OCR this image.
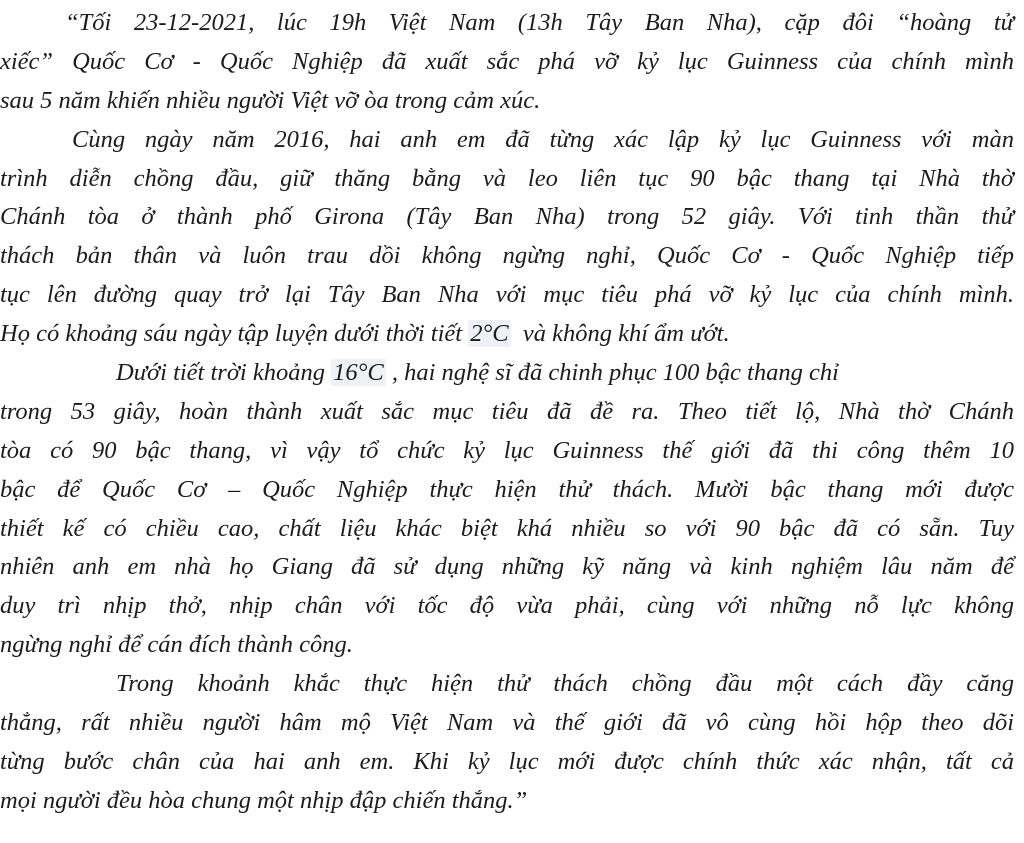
“Tối 23-12-2021, lúc 19h Việt Nam (13h Tây Ban Nha), cặp đôi “hoàng tử
xiếc” Quốc Cơ - Quốc Nghiệp đã xuất sắc phá vỡ kỷ lục Guinness của chính mình
sau 5 năm khiến nhiều người Việt vỡ òa trong cảm xúc.
Cùng ngày năm 2016, hai anh em đã từng xác lập kỷ lục Guinness với màn
trình diễn chồng đầu, giữ thăng bằng và leo liên tục 90 bậc thang tại Nhà thờ
Chánh tòa ở thành phố Girona (Tây Ban Nha) trong 52 giây. Với tinh thần thử
thách bản thân và luôn trau dồi không ngừng nghỉ, Quốc Cơ - Quốc Nghiệp tiếp
tục lên đường quay trở lại Tây Ban Nha với mục tiêu phá vỡ kỷ lục của chính mình.
Họ có khoảng sáu ngày tập luyện dưới thời tiết 2°C  và không khí ẩm ướt.
Dưới tiết trời khoảng 16°C , hai nghệ sĩ đã chinh phục 100 bậc thang chỉ
trong 53 giây, hoàn thành xuất sắc mục tiêu đã đề ra. Theo tiết lộ, Nhà thờ Chánh
tòa có 90 bậc thang, vì vậy tổ chức kỷ lục Guinness thế giới đã thi công thêm 10
bậc để Quốc Cơ – Quốc Nghiệp thực hiện thử thách. Mười bậc thang mới được
thiết kế có chiều cao, chất liệu khác biệt khá nhiều so với 90 bậc đã có sẵn. Tuy
nhiên anh em nhà họ Giang đã sử dụng những kỹ năng và kinh nghiệm lâu năm để
duy trì nhịp thở, nhịp chân với tốc độ vừa phải, cùng với những nỗ lực không
ngừng nghỉ để cán đích thành công.
Trong khoảnh khắc thực hiện thử thách chồng đầu một cách đầy căng
thẳng, rất nhiều người hâm mộ Việt Nam và thế giới đã vô cùng hồi hộp theo dõi
từng bước chân của hai anh em. Khi kỷ lục mới được chính thức xác nhận, tất cả
mọi người đều hòa chung một nhịp đập chiến thắng.”
